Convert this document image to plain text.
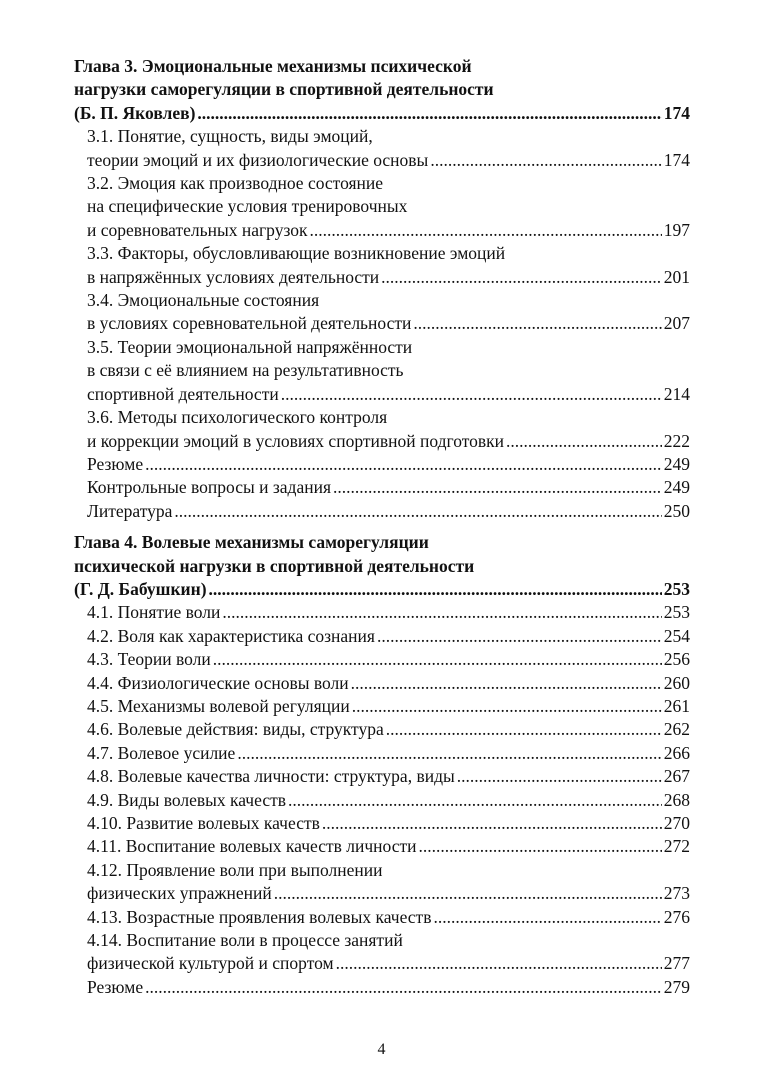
Глава 3. Эмоциональные механизмы психической
нагрузки саморегуляции в спортивной деятельности
(Б. П. Яковлев) .....	174
3.1. Понятие, сущность, виды эмоций,
теории эмоций и их физиологические основы .....	174
3.2. Эмоция как производное состояние
на специфические условия тренировочных
и соревновательных нагрузок .....	197
3.3. Факторы, обусловливающие возникновение эмоций
в напряжённых условиях деятельности .....	201
3.4. Эмоциональные состояния
в условиях соревновательной деятельности .....	207
3.5. Теории эмоциональной напряжённости
в связи с её влиянием на результативность
спортивной деятельности .....	214
3.6. Методы психологического контроля
и коррекции эмоций в условиях спортивной подготовки .....	222
Резюме .....	249
Контрольные вопросы и задания .....	249
Литература .....	250
Глава 4. Волевые механизмы саморегуляции
психической нагрузки в спортивной деятельности
(Г. Д. Бабушкин) .....	253
4.1. Понятие воли .....	253
4.2. Воля как характеристика сознания .....	254
4.3. Теории воли .....	256
4.4. Физиологические основы воли .....	260
4.5. Механизмы волевой регуляции .....	261
4.6. Волевые действия: виды, структура .....	262
4.7. Волевое усилие .....	266
4.8. Волевые качества личности: структура, виды .....	267
4.9. Виды волевых качеств .....	268
4.10. Развитие волевых качеств .....	270
4.11. Воспитание волевых качеств личности .....	272
4.12. Проявление воли при выполнении
физических упражнений .....	273
4.13. Возрастные проявления волевых качеств .....	276
4.14. Воспитание воли в процессе занятий
физической культурой и спортом .....	277
Резюме .....	279
4
